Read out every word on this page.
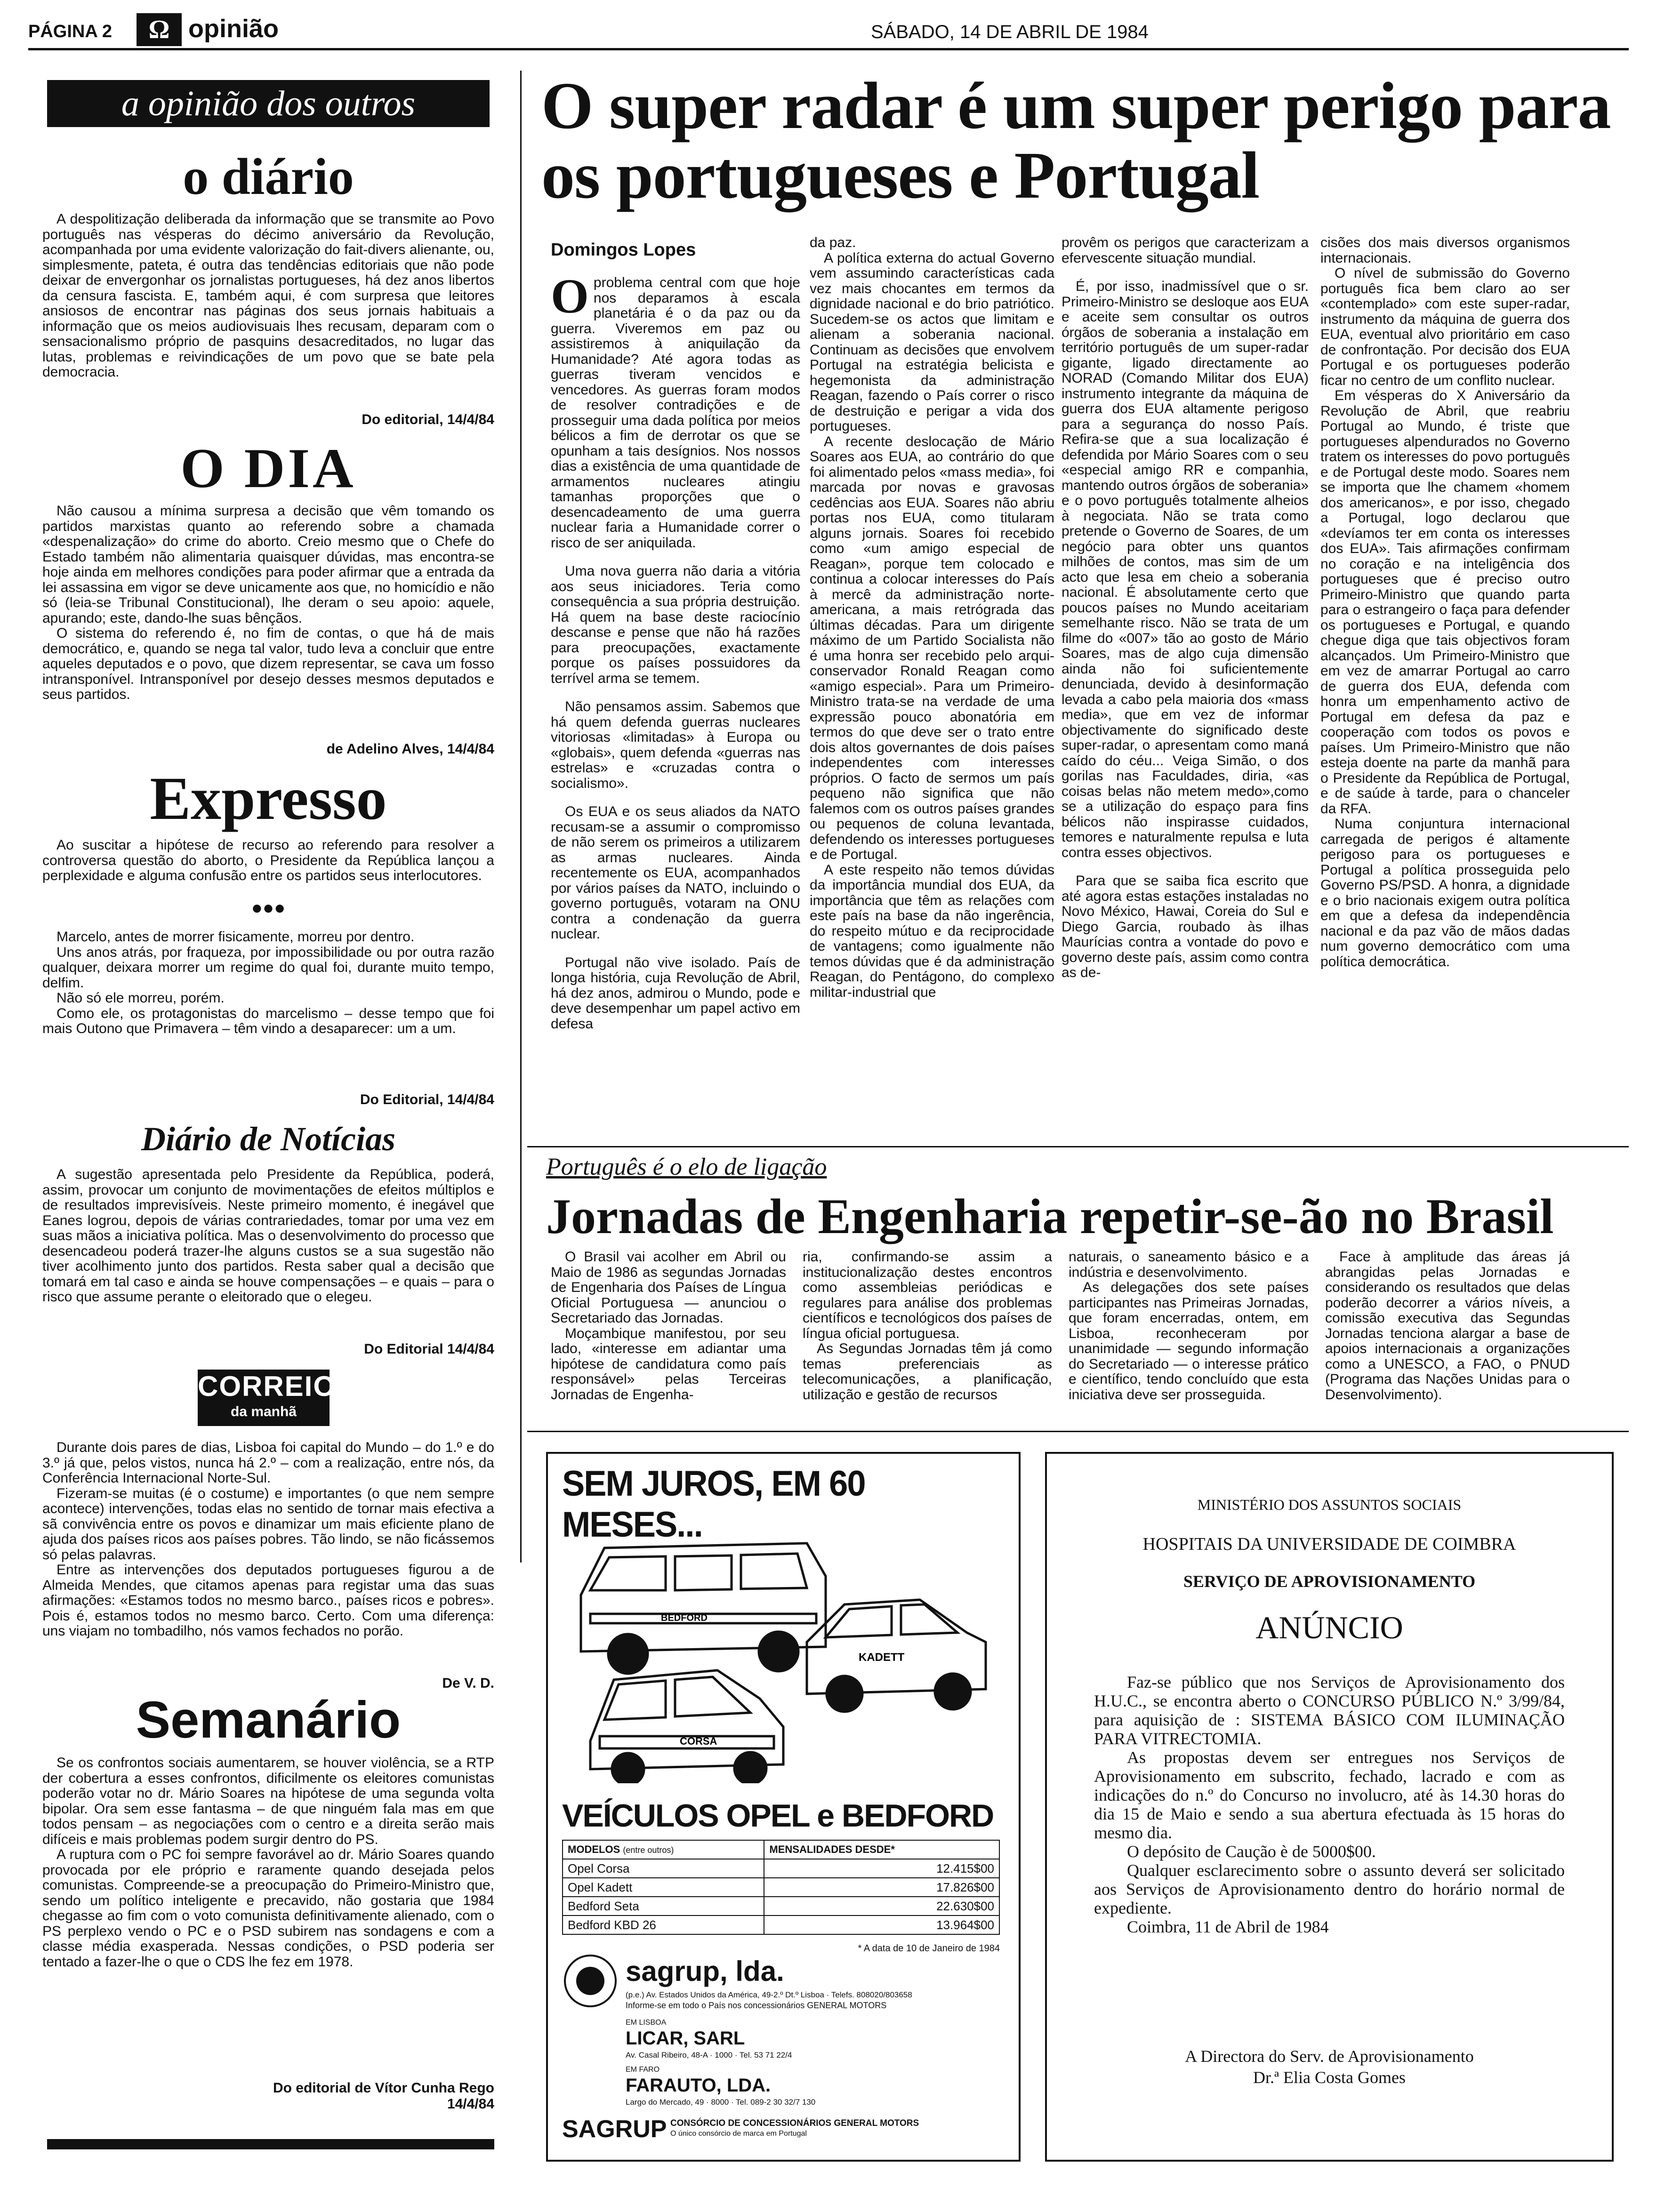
PÁGINA 2	Ω opinião	SÁBADO, 14 DE ABRIL DE 1984
a opinião dos outros
o diário

A despolitização deliberada da informação que se transmite ao Povo português nas vésperas do décimo aniversário da Revolução, acompanhada por uma evidente valorização do fait-divers alienante, ou, simplesmente, pateta, é outra das tendências editoriais que não pode deixar de envergonhar os jornalistas portugueses, há dez anos libertos da censura fascista. E, também aqui, é com surpresa que leitores ansiosos de encontrar nas páginas dos seus jornais habituais a informação que os meios audiovisuais lhes recusam, deparam com o sensacionalismo próprio de pasquins desacreditados, no lugar das lutas, problemas e reivindicações de um povo que se bate pela democracia.

Do editorial, 14/4/84
O DIA

Não causou a mínima surpresa a decisão que vêm tomando os partidos marxistas quanto ao referendo sobre a chamada «despenalização» do crime do aborto. Creio mesmo que o Chefe do Estado também não alimentaria quaisquer dúvidas, mas encontra-se hoje ainda em melhores condições para poder afirmar que a entrada da lei assassina em vigor se deve unicamente aos que, no homicídio e não só (leia-se Tribunal Constitucional), lhe deram o seu apoio: aquele, apurando; este, dando-lhe suas bênçãos.

O sistema do referendo é, no fim de contas, o que há de mais democrático, e, quando se nega tal valor, tudo leva a concluir que entre aqueles deputados e o povo, que dizem representar, se cava um fosso intransponível. Intransponível por desejo desses mesmos deputados e seus partidos.

de Adelino Alves, 14/4/84
Expresso

Ao suscitar a hipótese de recurso ao referendo para resolver a controversa questão do aborto, o Presidente da República lançou a perplexidade e alguma confusão entre os partidos seus interlocutores.

●●●

Marcelo, antes de morrer fisicamente, morreu por dentro.

Uns anos atrás, por fraqueza, por impossibilidade ou por outra razão qualquer, deixara morrer um regime do qual foi, durante muito tempo, delfim.

Não só ele morreu, porém.

Como ele, os protagonistas do marcelismo – desse tempo que foi mais Outono que Primavera – têm vindo a desaparecer: um a um.

Do Editorial, 14/4/84
Diário de Notícias

A sugestão apresentada pelo Presidente da República, poderá, assim, provocar um conjunto de movimentações de efeitos múltiplos e de resultados imprevisíveis. Neste primeiro momento, é inegável que Eanes logrou, depois de várias contrariedades, tomar por uma vez em suas mãos a iniciativa política. Mas o desenvolvimento do processo que desencadeou poderá trazer-lhe alguns custos se a sua sugestão não tiver acolhimento junto dos partidos. Resta saber qual a decisão que tomará em tal caso e ainda se houve compensações – e quais – para o risco que assume perante o eleitorado que o elegeu.

Do Editorial 14/4/84
CORREIO
da manhã

Durante dois pares de dias, Lisboa foi capital do Mundo – do 1.º e do 3.º já que, pelos vistos, nunca há 2.º – com a realização, entre nós, da Conferência Internacional Norte-Sul.

Fizeram-se muitas (é o costume) e importantes (o que nem sempre acontece) intervenções, todas elas no sentido de tornar mais efectiva a sã convivência entre os povos e dinamizar um mais eficiente plano de ajuda dos países ricos aos países pobres. Tão lindo, se não ficássemos só pelas palavras.

Entre as intervenções dos deputados portugueses figurou a de Almeida Mendes, que citamos apenas para registar uma das suas afirmações: «Estamos todos no mesmo barco., países ricos e pobres». Pois é, estamos todos no mesmo barco. Certo. Com uma diferença: uns viajam no tombadilho, nós vamos fechados no porão.

De V. D.
Semanário

Se os confrontos sociais aumentarem, se houver violência, se a RTP der cobertura a esses confrontos, dificilmente os eleitores comunistas poderão votar no dr. Mário Soares na hipótese de uma segunda volta bipolar. Ora sem esse fantasma – de que ninguém fala mas em que todos pensam – as negociações com o centro e a direita serão mais difíceis e mais problemas podem surgir dentro do PS.

A ruptura com o PC foi sempre favorável ao dr. Mário Soares quando provocada por ele próprio e raramente quando desejada pelos comunistas. Compreende-se a preocupação do Primeiro-Ministro que, sendo um político inteligente e precavido, não gostaria que 1984 chegasse ao fim com o voto comunista definitivamente alienado, com o PS perplexo vendo o PC e o PSD subirem nas sondagens e com a classe média exasperada. Nessas condições, o PSD poderia ser tentado a fazer-lhe o que o CDS lhe fez em 1978.

Do editorial de Vítor Cunha Rego 14/4/84
O super radar é um super perigo para os portugueses e Portugal
Domingos Lopes

Oproblema central com que hoje nos deparamos à escala planetária é o da paz ou da guerra. Viveremos em paz ou assistiremos à aniquilação da Humanidade? Até agora todas as guerras tiveram vencidos e vencedores. As guerras foram modos de resolver contradições e de prosseguir uma dada política por meios bélicos a fim de derrotar os que se opunham a tais desígnios. Nos nossos dias a existência de uma quantidade de armamentos nucleares atingiu tamanhas proporções que o desencadeamento de uma guerra nuclear faria a Humanidade correr o risco de ser aniquilada.

Uma nova guerra não daria a vitória aos seus iniciadores. Teria como consequência a sua própria destruição. Há quem na base deste raciocínio descanse e pense que não há razões para preocupações, exactamente porque os países possuidores da terrível arma se temem.

Não pensamos assim. Sabemos que há quem defenda guerras nucleares vitoriosas «limitadas» à Europa ou «globais», quem defenda «guerras nas estrelas» e «cruzadas contra o socialismo».

Os EUA e os seus aliados da NATO recusam-se a assumir o compromisso de não serem os primeiros a utilizarem as armas nucleares. Ainda recentemente os EUA, acompanhados por vários países da NATO, incluindo o governo português, votaram na ONU contra a condenação da guerra nuclear.

Portugal não vive isolado. País de longa história, cuja Revolução de Abril, há dez anos, admirou o Mundo, pode e deve desempenhar um papel activo em defesa

da paz.

A política externa do actual Governo vem assumindo características cada vez mais chocantes em termos da dignidade nacional e do brio patriótico. Sucedem-se os actos que limitam e alienam a soberania nacional. Continuam as decisões que envolvem Portugal na estratégia belicista e hegemonista da administração Reagan, fazendo o País correr o risco de destruição e perigar a vida dos portugueses.

A recente deslocação de Mário Soares aos EUA, ao contrário do que foi alimentado pelos «mass media», foi marcada por novas e gravosas cedências aos EUA. Soares não abriu portas nos EUA, como titularam alguns jornais. Soares foi recebido como «um amigo especial de Reagan», porque tem colocado e continua a colocar interesses do País à mercê da administração norte-americana, a mais retrógrada das últimas décadas. Para um dirigente máximo de um Partido Socialista não é uma honra ser recebido pelo arqui-conservador Ronald Reagan como «amigo especial». Para um Primeiro-Ministro trata-se na verdade de uma expressão pouco abonatória em termos do que deve ser o trato entre dois altos governantes de dois países independentes com interesses próprios. O facto de sermos um país pequeno não significa que não falemos com os outros países grandes ou pequenos de coluna levantada, defendendo os interesses portugueses e de Portugal.

A este respeito não temos dúvidas da importância mundial dos EUA, da importância que têm as relações com este país na base da não ingerência, do respeito mútuo e da reciprocidade de vantagens; como igualmente não temos dúvidas que é da administração Reagan, do Pentágono, do complexo militar-industrial que

provêm os perigos que caracterizam a efervescente situação mundial.

É, por isso, inadmissível que o sr. Primeiro-Ministro se desloque aos EUA e aceite sem consultar os outros órgãos de soberania a instalação em território português de um super-radar gigante, ligado directamente ao NORAD (Comando Militar dos EUA) instrumento integrante da máquina de guerra dos EUA altamente perigoso para a segurança do nosso País. Refira-se que a sua localização é defendida por Mário Soares com o seu «especial amigo RR e companhia, mantendo outros órgãos de soberania» e o povo português totalmente alheios à negociata. Não se trata como pretende o Governo de Soares, de um negócio para obter uns quantos milhões de contos, mas sim de um acto que lesa em cheio a soberania nacional. É absolutamente certo que poucos países no Mundo aceitariam semelhante risco. Não se trata de um filme do «007» tão ao gosto de Mário Soares, mas de algo cuja dimensão ainda não foi suficientemente denunciada, devido à desinformação levada a cabo pela maioria dos «mass media», que em vez de informar objectivamente do significado deste super-radar, o apresentam como maná caído do céu... Veiga Simão, o dos gorilas nas Faculdades, diria, «as coisas belas não metem medo»,como se a utilização do espaço para fins bélicos não inspirasse cuidados, temores e naturalmente repulsa e luta contra esses objectivos.

Para que se saiba fica escrito que até agora estas estações instaladas no Novo México, Hawai, Coreia do Sul e Diego Garcia, roubado às ilhas Maurícias contra a vontade do povo e governo deste país, assim como contra as de-

cisões dos mais diversos organismos internacionais.

O nível de submissão do Governo português fica bem claro ao ser «contemplado» com este super-radar, instrumento da máquina de guerra dos EUA, eventual alvo prioritário em caso de confrontação. Por decisão dos EUA Portugal e os portugueses poderão ficar no centro de um conflito nuclear.

Em vésperas do X Aniversário da Revolução de Abril, que reabriu Portugal ao Mundo, é triste que portugueses alpendurados no Governo tratem os interesses do povo português e de Portugal deste modo. Soares nem se importa que lhe chamem «homem dos americanos», e por isso, chegado a Portugal, logo declarou que «devíamos ter em conta os interesses dos EUA». Tais afirmações confirmam no coração e na inteligência dos portugueses que é preciso outro Primeiro-Ministro que quando parta para o estrangeiro o faça para defender os portugueses e Portugal, e quando chegue diga que tais objectivos foram alcançados. Um Primeiro-Ministro que em vez de amarrar Portugal ao carro de guerra dos EUA, defenda com honra um empenhamento activo de Portugal em defesa da paz e cooperação com todos os povos e países. Um Primeiro-Ministro que não esteja doente na parte da manhã para o Presidente da República de Portugal, e de saúde à tarde, para o chanceler da RFA.

Numa conjuntura internacional carregada de perigos é altamente perigoso para os portugueses e Portugal a política prosseguida pelo Governo PS/PSD. A honra, a dignidade e o brio nacionais exigem outra política em que a defesa da independência nacional e da paz vão de mãos dadas num governo democrático com uma política democrática.

Português é o elo de ligação
Jornadas de Engenharia repetir-se-ão no Brasil

O Brasil vai acolher em Abril ou Maio de 1986 as segundas Jornadas de Engenharia dos Países de Língua Oficial Portuguesa — anunciou o Secretariado das Jornadas.

Moçambique manifestou, por seu lado, «interesse em adiantar uma hipótese de candidatura como país responsável» pelas Terceiras Jornadas de Engenha-

ria, confirmando-se assim a institucionalização destes encontros como assembleias periódicas e regulares para análise dos problemas científicos e tecnológicos dos países de língua oficial portuguesa.

As Segundas Jornadas têm já como temas preferenciais as telecomunicações, a planificação, utilização e gestão de recursos

naturais, o saneamento básico e a indústria e desenvolvimento.

As delegações dos sete países participantes nas Primeiras Jornadas, que foram encerradas, ontem, em Lisboa, reconheceram por unanimidade — segundo informação do Secretariado — o interesse prático e científico, tendo concluído que esta iniciativa deve ser prosseguida.

Face à amplitude das áreas já abrangidas pelas Jornadas e considerando os resultados que delas poderão decorrer a vários níveis, a comissão executiva das Segundas Jornadas tenciona alargar a base de apoios internacionais a organizações como a UNESCO, a FAO, o PNUD (Programa das Nações Unidas para o Desenvolvimento).

SEM JUROS, EM 60 MESES...
KADETT
CORSA
BEDFORD
VEÍCULOS OPEL e BEDFORD
MODELOS (entre outros)	MENSALIDADES DESDE*
Opel Corsa	12.415$00
Opel Kadett	17.826$00
Bedford Seta	22.630$00
Bedford KBD 26	13.964$00
* A data de 10 de Janeiro de 1984
sagrup, lda.
(p.e.) Av. Estados Unidos da América, 49-2.º Dt.º Lisboa · Telefs. 808020/803658
Informe-se em todo o País nos concessionários GENERAL MOTORS
EM LISBOA
LICAR, SARL
Av. Casal Ribeiro, 48-A · 1000 · Tel. 53 71 22/4
EM FARO
FARAUTO, LDA.
Largo do Mercado, 49 · 8000 · Tel. 089-2 30 32/7 130
SAGRUP CONSÓRCIO DE CONCESSIONÁRIOS GENERAL MOTORS
O único consórcio de marca em Portugal
MINISTÉRIO DOS ASSUNTOS SOCIAIS
HOSPITAIS DA UNIVERSIDADE DE COIMBRA
SERVIÇO DE APROVISIONAMENTO
ANÚNCIO

Faz-se público que nos Serviços de Aprovisionamento dos H.U.C., se encontra aberto o CONCURSO PÚBLICO N.º 3/99/84, para aquisição de : SISTEMA BÁSICO COM ILUMINAÇÃO PARA VITRECTOMIA.

As propostas devem ser entregues nos Serviços de Aprovisionamento em subscrito, fechado, lacrado e com as indicações do n.º do Concurso no involucro, até às 14.30 horas do dia 15 de Maio e sendo a sua abertura efectuada às 15 horas do mesmo dia.

O depósito de Caução è de 5000$00.

Qualquer esclarecimento sobre o assunto deverá ser solicitado aos Serviços de Aprovisionamento dentro do horário normal de expediente.

Coimbra, 11 de Abril de 1984

A Directora do Serv. de Aprovisionamento
Dr.ª Elia Costa Gomes
